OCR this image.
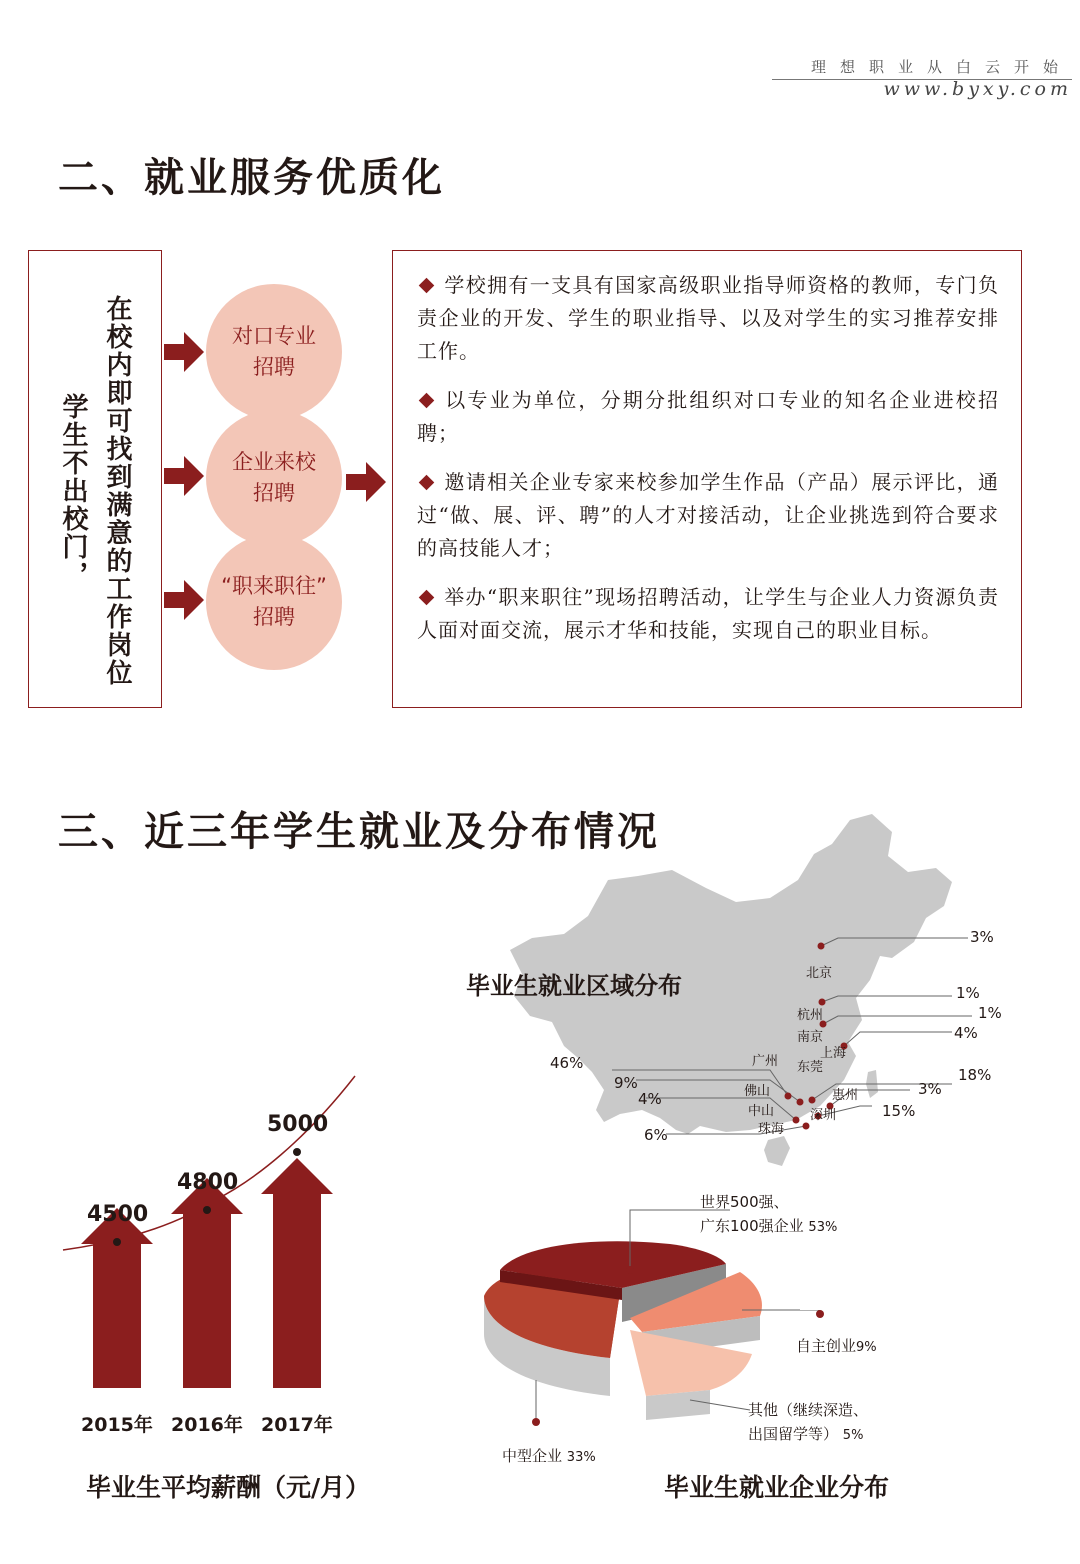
理想职业从白云开始
www.byxy.com
二、就业服务优质化
在校内即可找到满意的工作岗位
学生不出校门，
对口专业
招聘
企业来校
招聘
“职来职往”
招聘
学校拥有一支具有国家高级职业指导师资格的教师，专门负责企业的开发、学生的职业指导、以及对学生的实习推荐安排工作。
以专业为单位，分期分批组织对口专业的知名企业进校招聘；
邀请相关企业专家来校参加学生作品（产品）展示评比，通过“做、展、评、聘”的人才对接活动，让企业挑选到符合要求的高技能人才；
举办“职来职往”现场招聘活动，让学生与企业人力资源负责人面对面交流，展示才华和技能，实现自己的职业目标。
三、近三年学生就业及分布情况
毕业生就业区域分布	北京
杭州
南京
上海
广州 东莞
佛山	惠州
中山	深圳
珠海
3%
1%
1%
4%
46%
18%
9%	3%
4%
15%
6%
4500
2015年
4800
2016年
5000
2017年
毕业生平均薪酬（元/月）
世界500强、
广东100强企业 53%
自主创业9%
其他（继续深造、
出国留学等） 5%
中型企业 33%
毕业生就业企业分布
